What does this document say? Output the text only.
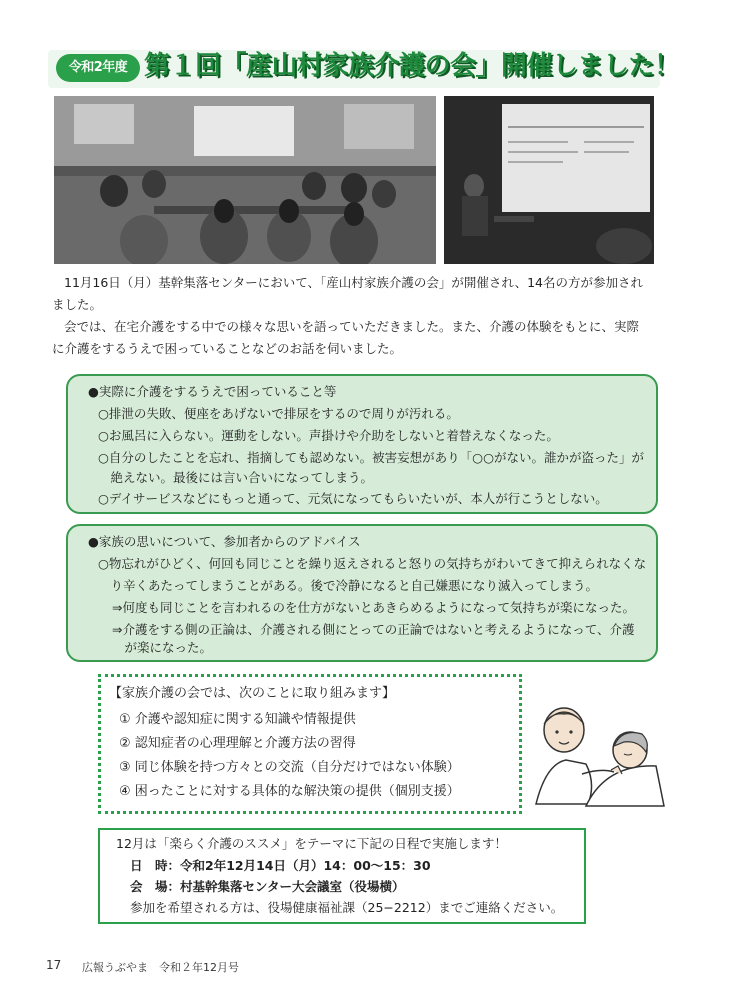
令和2年度 第１回「産山村家族介護の会」開催しました！
11月16日（月）基幹集落センターにおいて、「産山村家族介護の会」が開催され、14名の方が参加され
ました。
会では、在宅介護をする中での様々な思いを語っていただきました。また、介護の体験をもとに、実際
に介護をするうえで困っていることなどのお話を伺いました。
●実際に介護をするうえで困っていること等
○排泄の失敗、便座をあげないで排尿をするので周りが汚れる。
○お風呂に入らない。運動をしない。声掛けや介助をしないと着替えなくなった。
○自分のしたことを忘れ、指摘しても認めない。被害妄想があり「○○がない。誰かが盗った」が
　絶えない。最後には言い合いになってしまう。
○デイサービスなどにもっと通って、元気になってもらいたいが、本人が行こうとしない。
●家族の思いについて、参加者からのアドバイス
○物忘れがひどく、何回も同じことを繰り返えされると怒りの気持ちがわいてきて抑えられなくな
　り辛くあたってしまうことがある。後で冷静になると自己嫌悪になり滅入ってしまう。
⇒何度も同じことを言われるのを仕方がないとあきらめるようになって気持ちが楽になった。
⇒介護をする側の正論は、介護される側にとっての正論ではないと考えるようになって、介護
　が楽になった。
【家族介護の会では、次のことに取り組みます】
① 介護や認知症に関する知識や情報提供
② 認知症者の心理理解と介護方法の習得
③ 同じ体験を持つ方々との交流（自分だけではない体験）
④ 困ったことに対する具体的な解決策の提供（個別支援）
12月は「楽らく介護のススメ」をテーマに下記の日程で実施します！
日　時：令和2年12月14日（月）14：00〜15：30
会　場：村基幹集落センター大会議室（役場横）
参加を希望される方は、役場健康福祉課（25−2212）までご連絡ください。
17 広報うぶやま　令和２年12月号
